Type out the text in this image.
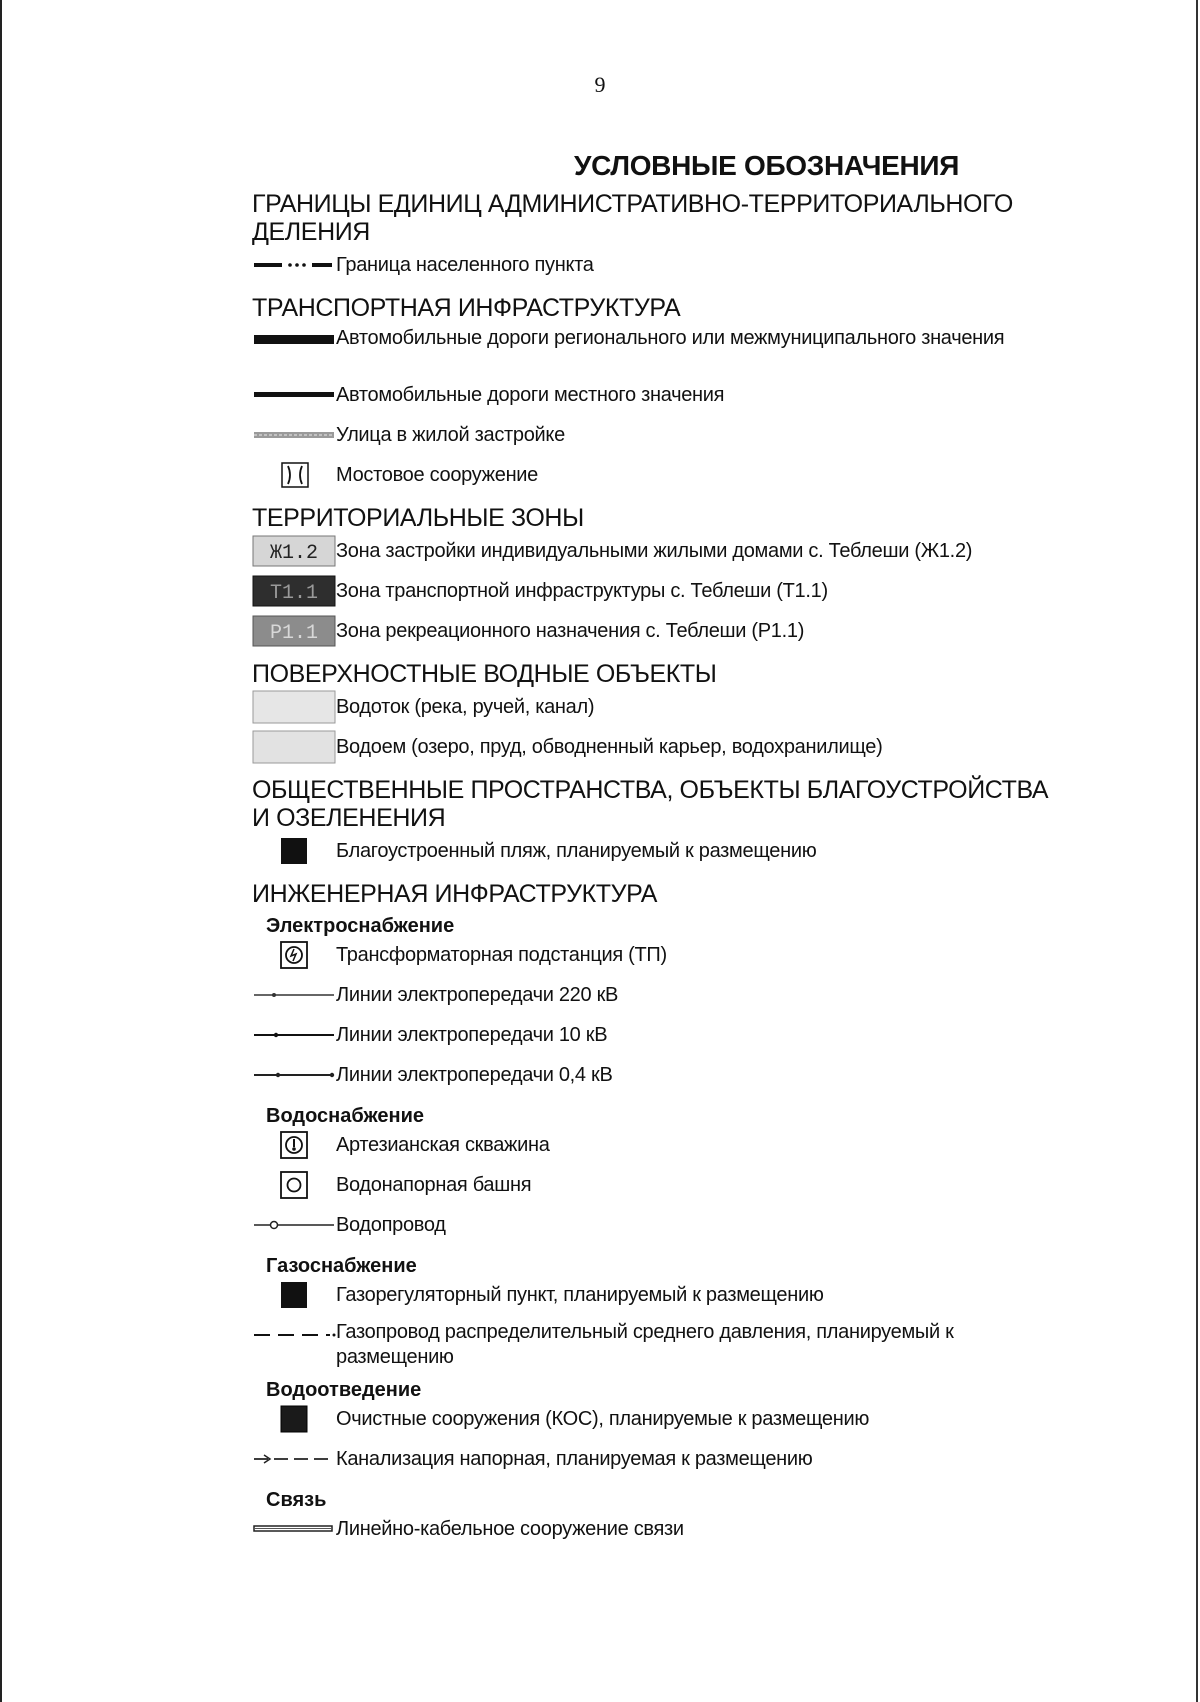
9
УСЛОВНЫЕ ОБОЗНАЧЕНИЯ
ГРАНИЦЫ ЕДИНИЦ АДМИНИСТРАТИВНО-ТЕРРИТОРИАЛЬНОГО ДЕЛЕНИЯ
Граница населенного пункта
ТРАНСПОРТНАЯ ИНФРАСТРУКТУРА
Автомобильные дороги регионального или межмуниципального значения
Автомобильные дороги местного значения
Улица в жилой застройке
Мостовое сооружение
ТЕРРИТОРИАЛЬНЫЕ ЗОНЫ
Ж1.2 Зона застройки индивидуальными жилыми домами с. Теблеши (Ж1.2)
Т1.1 Зона транспортной инфраструктуры с. Теблеши (Т1.1)
Р1.1 Зона рекреационного назначения с. Теблеши (Р1.1)
ПОВЕРХНОСТНЫЕ ВОДНЫЕ ОБЪЕКТЫ
Водоток (река, ручей, канал)
Водоем (озеро, пруд, обводненный карьер, водохранилище)
ОБЩЕСТВЕННЫЕ ПРОСТРАНСТВА, ОБЪЕКТЫ БЛАГОУСТРОЙСТВА И ОЗЕЛЕНЕНИЯ
Благоустроенный пляж, планируемый к размещению
ИНЖЕНЕРНАЯ ИНФРАСТРУКТУРА
Электроснабжение
Трансформаторная подстанция (ТП)
Линии электропередачи 220 кВ
Линии электропередачи 10 кВ
Линии электропередачи 0,4 кВ
Водоснабжение
Артезианская скважина
Водонапорная башня
Водопровод
Газоснабжение
Газорегуляторный пункт, планируемый к размещению
Газопровод распределительный среднего давления, планируемый к размещению
Водоотведение
Очистные сооружения (КОС), планируемые к размещению
Канализация напорная, планируемая к размещению
Связь
Линейно-кабельное сооружение связи
